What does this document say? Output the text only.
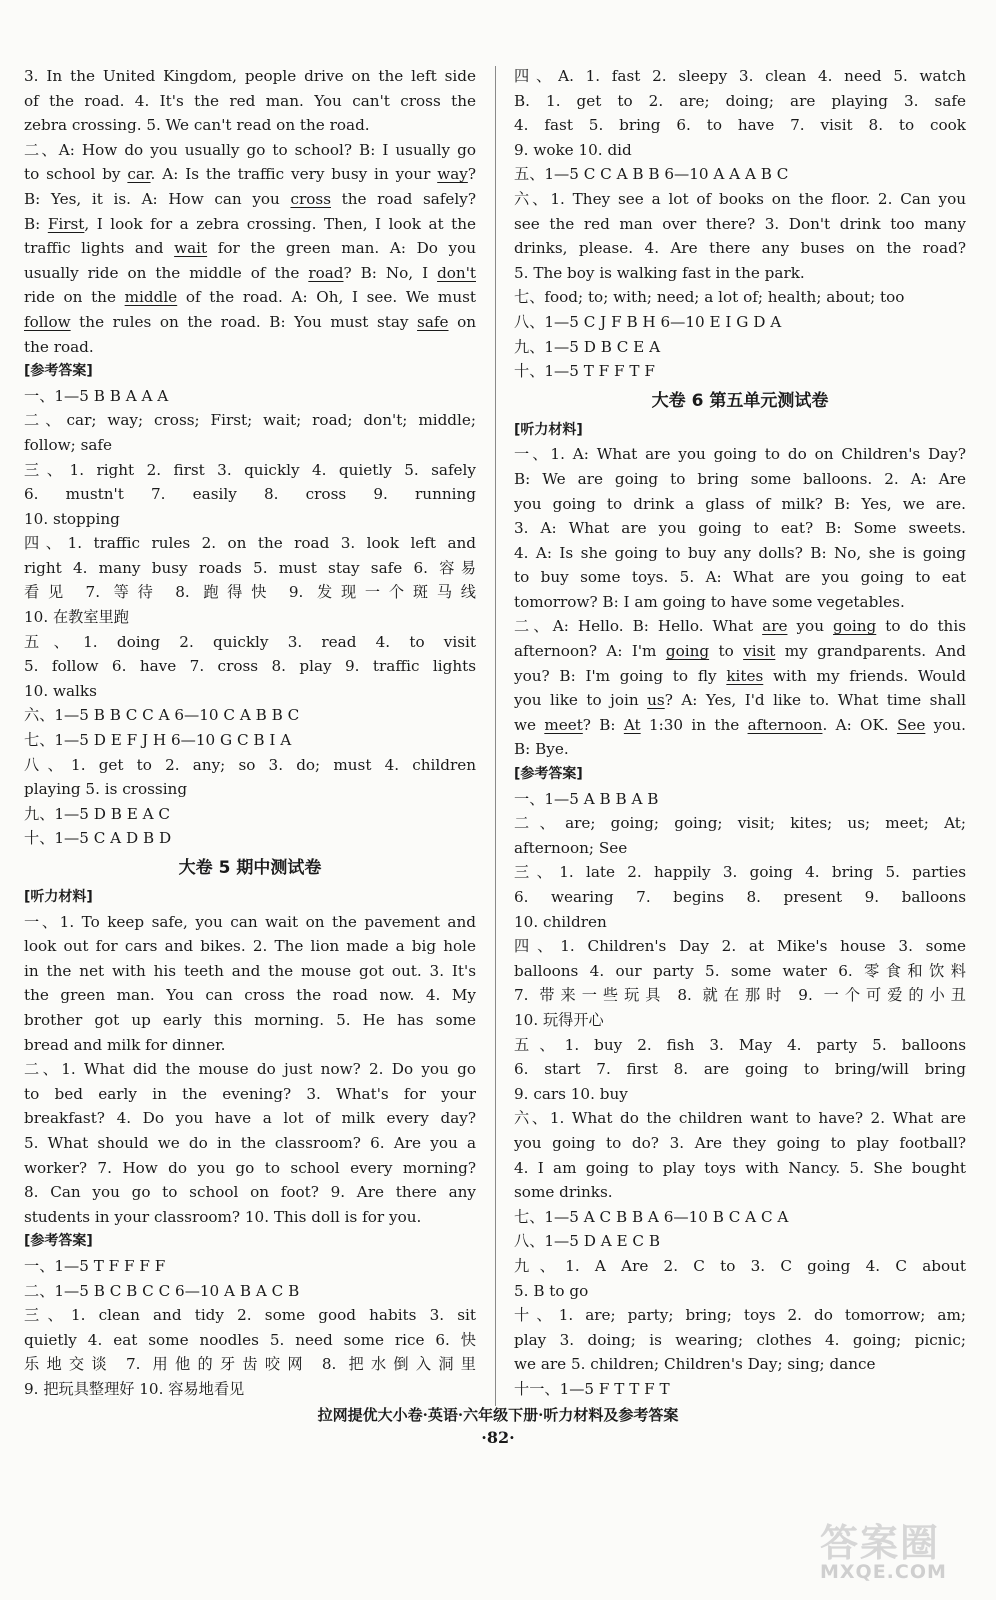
3. In the United Kingdom, people drive on the left side
of the road. 4. It's the red man. You can't cross the
zebra crossing. 5. We can't read on the road.
二、A: How do you usually go to school? B: I usually go
to school by car. A: Is the traffic very busy in your way?
B: Yes, it is. A: How can you cross the road safely?
B: First, I look for a zebra crossing. Then, I look at the
traffic lights and wait for the green man. A: Do you
usually ride on the middle of the road? B: No, I don't
ride on the middle of the road. A: Oh, I see. We must
follow the rules on the road. B: You must stay safe on
the road.
[参考答案]
一、1—5 B B A A A
二、car; way; cross; First; wait; road; don't; middle;
follow; safe
三、1. right 2. first 3. quickly 4. quietly 5. safely
6. mustn't 7. easily 8. cross 9. running
10. stopping
四、1. traffic rules 2. on the road 3. look left and
right 4. many busy roads 5. must stay safe 6. 容易
看见 7. 等待 8. 跑得快 9. 发现一个斑马线
10. 在教室里跑
五、1. doing 2. quickly 3. read 4. to visit
5. follow 6. have 7. cross 8. play 9. traffic lights
10. walks
六、1—5 B B C C A 6—10 C A B B C
七、1—5 D E F J H 6—10 G C B I A
八、1. get to 2. any; so 3. do; must 4. children
playing 5. is crossing
九、1—5 D B E A C
十、1—5 C A D B D
大卷 5 期中测试卷
[听力材料]
一、1. To keep safe, you can wait on the pavement and
look out for cars and bikes. 2. The lion made a big hole
in the net with his teeth and the mouse got out. 3. It's
the green man. You can cross the road now. 4. My
brother got up early this morning. 5. He has some
bread and milk for dinner.
二、1. What did the mouse do just now? 2. Do you go
to bed early in the evening? 3. What's for your
breakfast? 4. Do you have a lot of milk every day?
5. What should we do in the classroom? 6. Are you a
worker? 7. How do you go to school every morning?
8. Can you go to school on foot? 9. Are there any
students in your classroom? 10. This doll is for you.
[参考答案]
一、1—5 T F F F F
二、1—5 B C B C C 6—10 A B A C B
三、1. clean and tidy 2. some good habits 3. sit
quietly 4. eat some noodles 5. need some rice 6. 快
乐地交谈 7. 用他的牙齿咬网 8. 把水倒入洞里
9. 把玩具整理好 10. 容易地看见
四、A. 1. fast 2. sleepy 3. clean 4. need 5. watch
B. 1. get to 2. are; doing; are playing 3. safe
4. fast 5. bring 6. to have 7. visit 8. to cook
9. woke 10. did
五、1—5 C C A B B 6—10 A A A B C
六、1. They see a lot of books on the floor. 2. Can you
see the red man over there? 3. Don't drink too many
drinks, please. 4. Are there any buses on the road?
5. The boy is walking fast in the park.
七、food; to; with; need; a lot of; health; about; too
八、1—5 C J F B H 6—10 E I G D A
九、1—5 D B C E A
十、1—5 T F F T F
大卷 6 第五单元测试卷
[听力材料]
一、1. A: What are you going to do on Children's Day?
B: We are going to bring some balloons. 2. A: Are
you going to drink a glass of milk? B: Yes, we are.
3. A: What are you going to eat? B: Some sweets.
4. A: Is she going to buy any dolls? B: No, she is going
to buy some toys. 5. A: What are you going to eat
tomorrow? B: I am going to have some vegetables.
二、A: Hello. B: Hello. What are you going to do this
afternoon? A: I'm going to visit my grandparents. And
you? B: I'm going to fly kites with my friends. Would
you like to join us? A: Yes, I'd like to. What time shall
we meet? B: At 1:30 in the afternoon. A: OK. See you.
B: Bye.
[参考答案]
一、1—5 A B B A B
二、are; going; going; visit; kites; us; meet; At;
afternoon; See
三、1. late 2. happily 3. going 4. bring 5. parties
6. wearing 7. begins 8. present 9. balloons
10. children
四、1. Children's Day 2. at Mike's house 3. some
balloons 4. our party 5. some water 6. 零食和饮料
7. 带来一些玩具 8. 就在那时 9. 一个可爱的小丑
10. 玩得开心
五、1. buy 2. fish 3. May 4. party 5. balloons
6. start 7. first 8. are going to bring/will bring
9. cars 10. buy
六、1. What do the children want to have? 2. What are
you going to do? 3. Are they going to play football?
4. I am going to play toys with Nancy. 5. She bought
some drinks.
七、1—5 A C B B A 6—10 B C A C A
八、1—5 D A E C B
九、1. A Are 2. C to 3. C going 4. C about
5. B to go
十、1. are; party; bring; toys 2. do tomorrow; am;
play 3. doing; is wearing; clothes 4. going; picnic;
we are 5. children; Children's Day; sing; dance
十一、1—5 F T T F T
拉网提优大小卷·英语·六年级下册·听力材料及参考答案
·82·
答案圈
MXQE.COM
